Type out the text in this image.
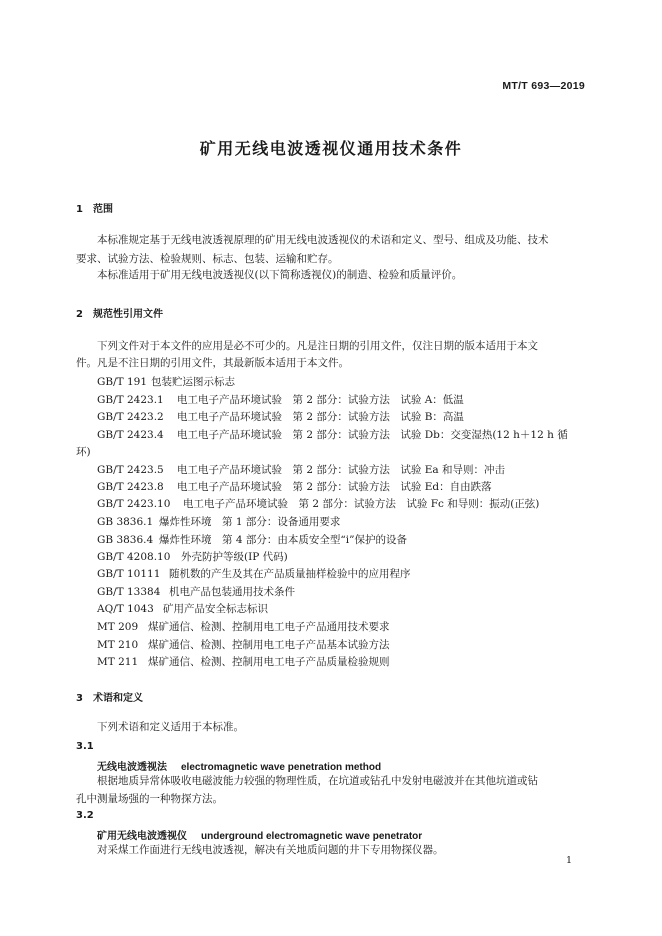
MT/T 693—2019
矿用无线电波透视仪通用技术条件
1 范围
本标准规定基于无线电波透视原理的矿用无线电波透视仪的术语和定义、型号、组成及功能、技术
要求、试验方法、检验规则、标志、包装、运输和贮存。
本标准适用于矿用无线电波透视仪(以下简称透视仪)的制造、检验和质量评价。
2 规范性引用文件
下列文件对于本文件的应用是必不可少的。凡是注日期的引用文件，仅注日期的版本适用于本文
件。凡是不注日期的引用文件，其最新版本适用于本文件。
GB/T 191 包装贮运图示标志
GB/T 2423.1 电工电子产品环境试验　第 2 部分：试验方法　试验 A：低温
GB/T 2423.2 电工电子产品环境试验　第 2 部分：试验方法　试验 B：高温
GB/T 2423.4 电工电子产品环境试验　第 2 部分：试验方法　试验 Db：交变湿热(12 h＋12 h 循
环)
GB/T 2423.5 电工电子产品环境试验　第 2 部分：试验方法　试验 Ea 和导则：冲击
GB/T 2423.8 电工电子产品环境试验　第 2 部分：试验方法　试验 Ed：自由跌落
GB/T 2423.10 电工电子产品环境试验　第 2 部分：试验方法　试验 Fc 和导则：振动(正弦)
GB 3836.1 爆炸性环境　第 1 部分：设备通用要求
GB 3836.4 爆炸性环境　第 4 部分：由本质安全型“i”保护的设备
GB/T 4208.10 外壳防护等级(IP 代码)
GB/T 10111 随机数的产生及其在产品质量抽样检验中的应用程序
GB/T 13384 机电产品包装通用技术条件
AQ/T 1043 矿用产品安全标志标识
MT 209 煤矿通信、检测、控制用电工电子产品通用技术要求
MT 210 煤矿通信、检测、控制用电工电子产品基本试验方法
MT 211 煤矿通信、检测、控制用电工电子产品质量检验规则
3 术语和定义
下列术语和定义适用于本标准。
3.1
无线电波透视法 electromagnetic wave penetration method
根据地质异常体吸收电磁波能力较强的物理性质，在坑道或钻孔中发射电磁波并在其他坑道或钻
孔中测量场强的一种物探方法。
3.2
矿用无线电波透视仪 underground electromagnetic wave penetrator
对采煤工作面进行无线电波透视，解决有关地质问题的井下专用物探仪器。
1
